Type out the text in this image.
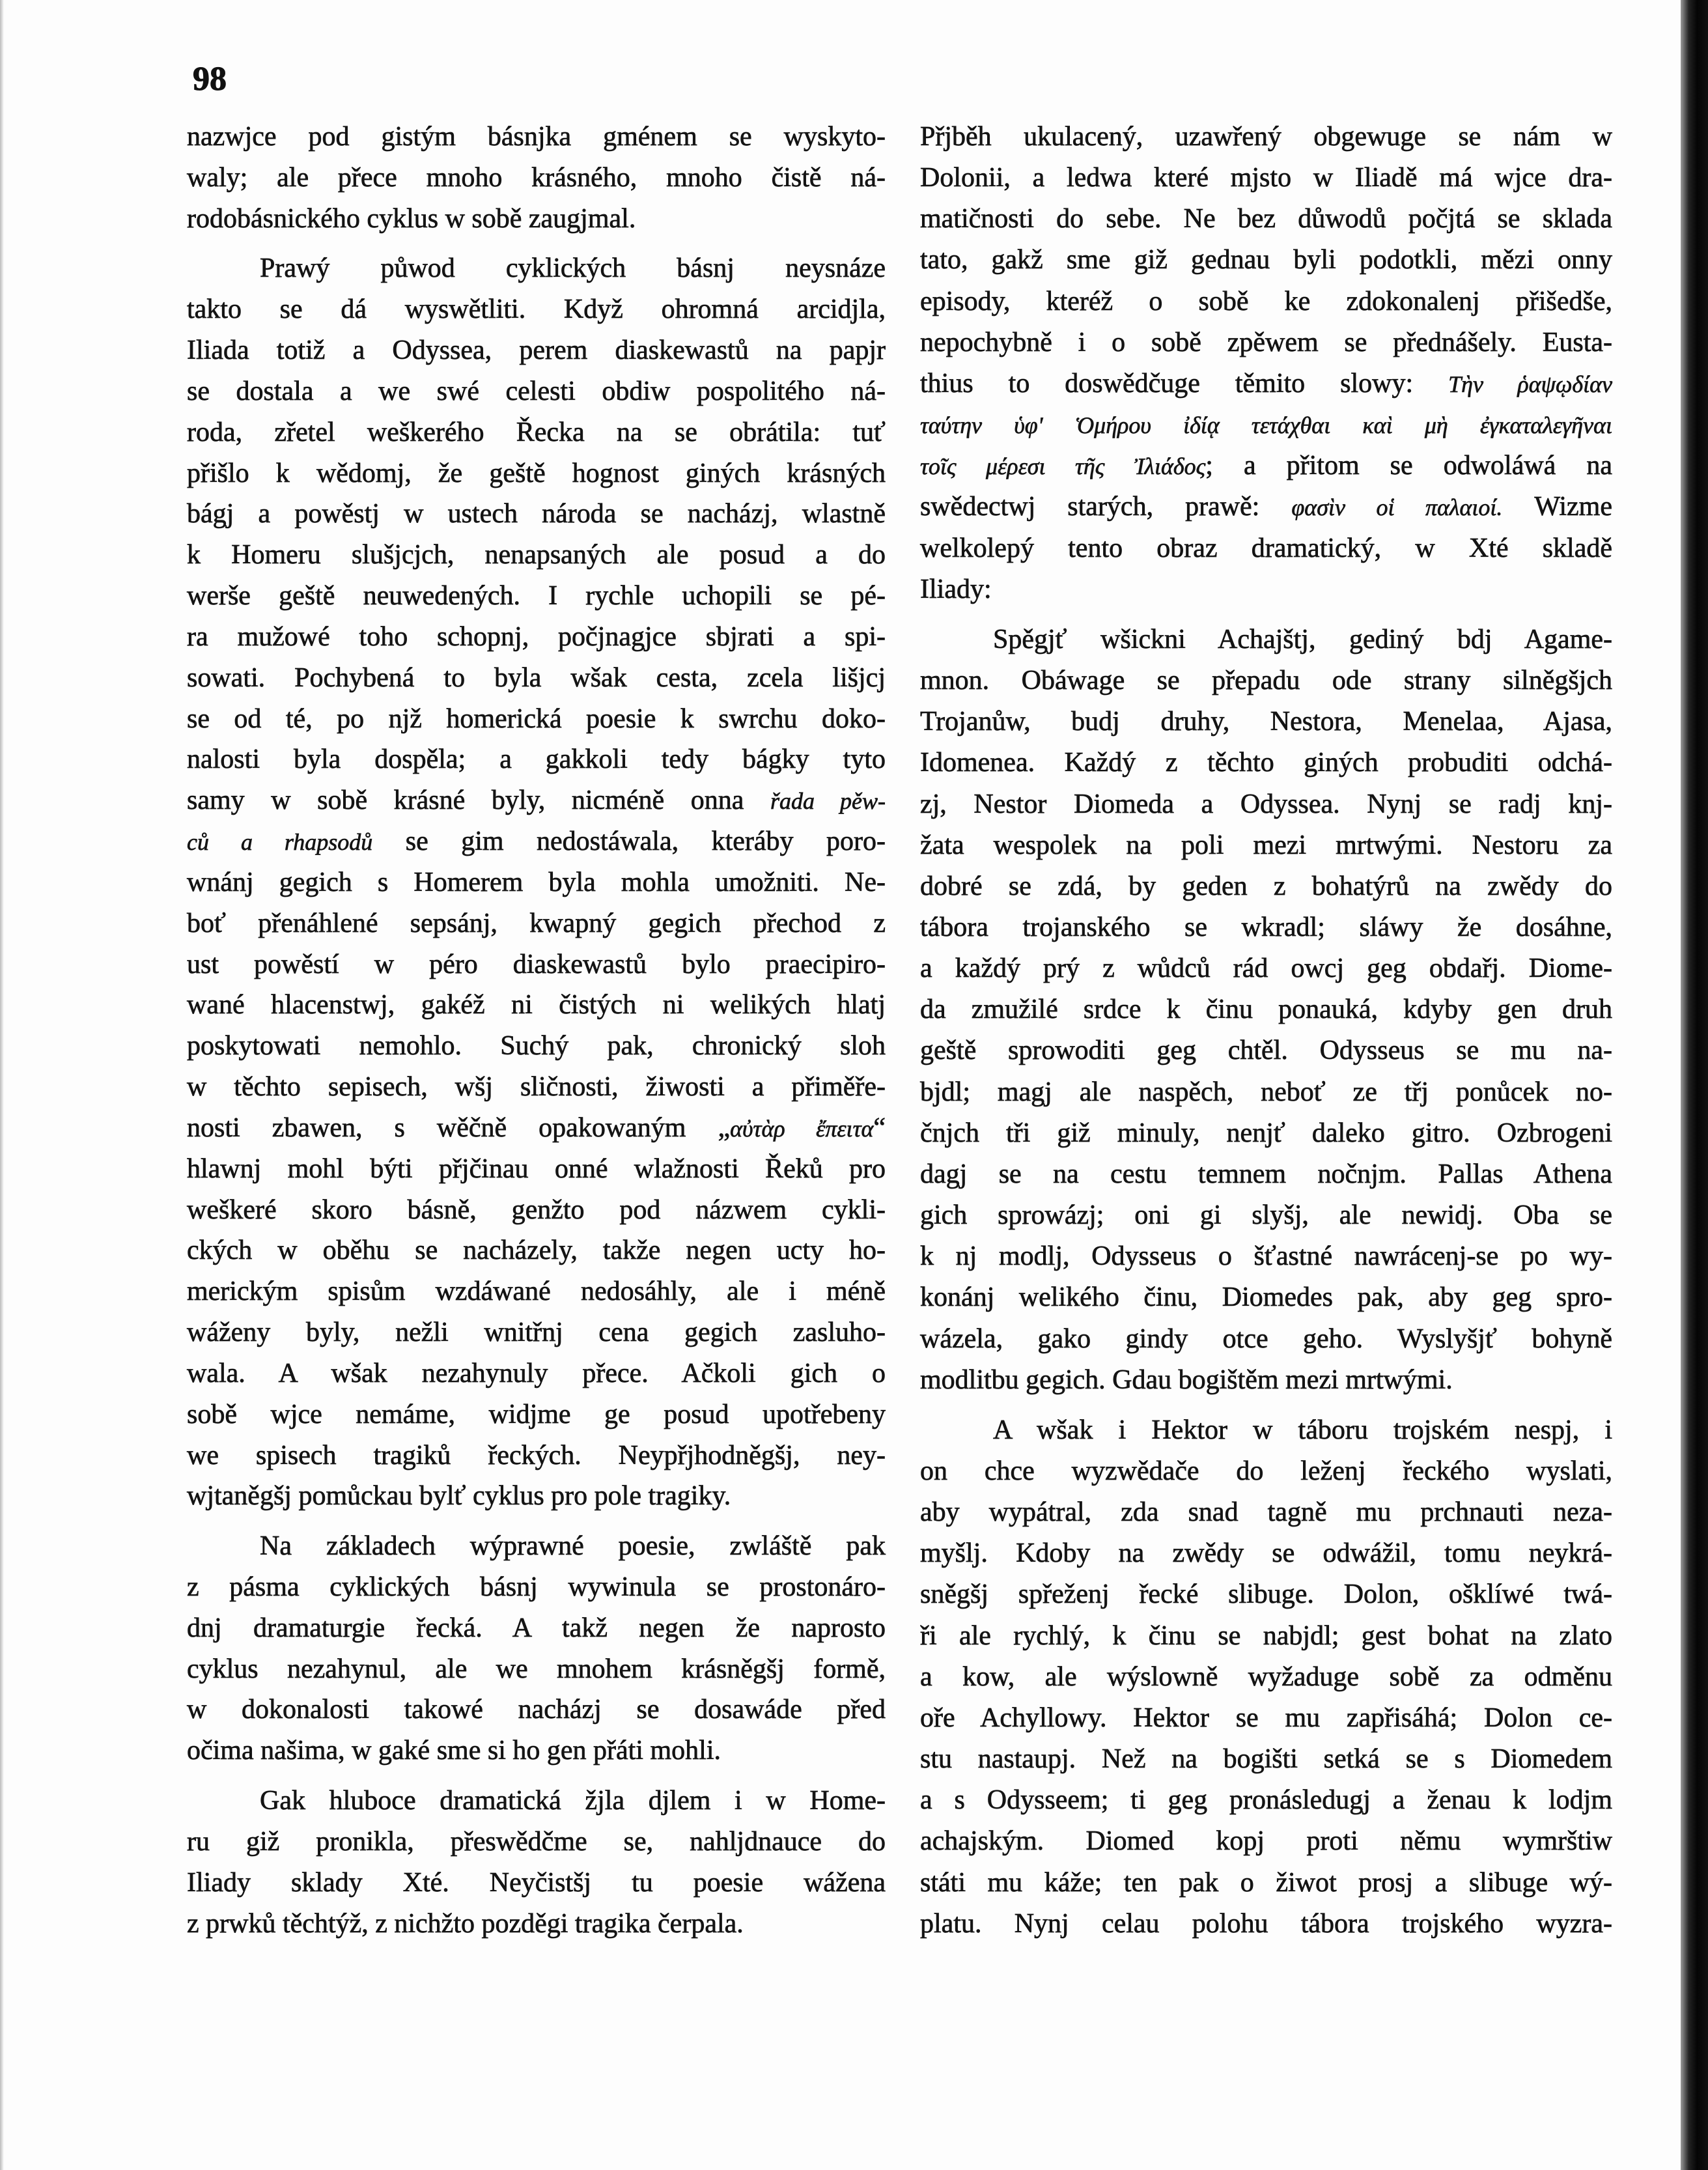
98
nazwjce pod gistým básnjka gménem se wyskyto-
waly; ale přece mnoho krásného, mnoho čistě ná-
rodobásnického cyklus w sobě zaugjmal.
Prawý půwod cyklických básnj neysnáze
takto se dá wyswětliti. Když ohromná arcidjla,
Iliada totiž a Odyssea, perem diaskewastů na papjr
se dostala a we swé celesti obdiw pospolitého ná-
roda, zřetel weškerého Řecka na se obrátila: tuť
přišlo k wědomj, že geště hognost giných krásných
bágj a powěstj w ustech národa se nacházj, wlastně
k Homeru slušjcjch, nenapsaných ale posud a do
werše geště neuwedených. I rychle uchopili se pé-
ra mužowé toho schopnj, počjnagjce sbjrati a spi-
sowati. Pochybená to byla wšak cesta, zcela lišjcj
se od té, po njž homerická poesie k swrchu doko-
nalosti byla dospěla; a gakkoli tedy bágky tyto
samy w sobě krásné byly, nicméně onna řada pěw-
ců a rhapsodů se gim nedostáwala, kteráby poro-
wnánj gegich s Homerem byla mohla umožniti. Ne-
boť přenáhlené sepsánj, kwapný gegich přechod z
ust powěstí w péro diaskewastů bylo praecipiro-
wané hlacenstwj, gakéž ni čistých ni welikých hlatj
poskytowati nemohlo. Suchý pak, chronický sloh
w těchto sepisech, wšj sličnosti, žiwosti a přiměře-
nosti zbawen, s wěčně opakowaným „αὐτὰρ ἔπειτα“
hlawnj mohl býti přjčinau onné wlažnosti Řeků pro
weškeré skoro básně, genžto pod názwem cykli-
ckých w oběhu se nacházely, takže negen ucty ho-
merickým spisům wzdáwané nedosáhly, ale i méně
wáženy byly, nežli wnitřnj cena gegich zasluho-
wala. A wšak nezahynuly přece. Ačkoli gich o
sobě wjce nemáme, widjme ge posud upotřebeny
we spisech tragiků řeckých. Neypřjhodněgšj, ney-
wjtaněgšj pomůckau bylť cyklus pro pole tragiky.
Na základech wýprawné poesie, zwláště pak
z pásma cyklických básnj wywinula se prostonáro-
dnj dramaturgie řecká. A takž negen že naprosto
cyklus nezahynul, ale we mnohem krásněgšj formě,
w dokonalosti takowé nacházj se dosawáde před
očima našima, w gaké sme si ho gen přáti mohli.
Gak hluboce dramatická žjla djlem i w Home-
ru giž pronikla, přeswědčme se, nahljdnauce do
Iliady sklady Xté. Neyčistšj tu poesie wážena
z prwků těchtýž, z nichžto pozděgi tragika čerpala.
Přjběh ukulacený, uzawřený obgewuge se nám w
Dolonii, a ledwa které mjsto w Iliadě má wjce dra-
matičnosti do sebe. Ne bez důwodů počjtá se sklada
tato, gakž sme giž gednau byli podotkli, mězi onny
episody, kteréž o sobě ke zdokonalenj přišedše,
nepochybně i o sobě zpěwem se přednášely. Eusta-
thius to doswědčuge těmito slowy: Τὴν ῥαψῳδίαν
ταύτην ὑφ' Ὁμήρου ἰδίᾳ τετάχθαι καὶ μὴ ἐγκαταλεγῆναι
τοῖς μέρεσι τῆς Ἰλιάδος; a přitom se odwoláwá na
swědectwj starých, prawě: φασὶν οἱ παλαιοί. Wizme
welkolepý tento obraz dramatický, w Xté skladě
Iliady:
Spěgjť wšickni Achajštj, gediný bdj Agame-
mnon. Obáwage se přepadu ode strany silněgšjch
Trojanůw, budj druhy, Nestora, Menelaa, Ajasa,
Idomenea. Každý z těchto giných probuditi odchá-
zj, Nestor Diomeda a Odyssea. Nynj se radj knj-
žata wespolek na poli mezi mrtwými. Nestoru za
dobré se zdá, by geden z bohatýrů na zwědy do
tábora trojanského se wkradl; sláwy že dosáhne,
a každý prý z wůdců rád owcj geg obdařj. Diome-
da zmužilé srdce k činu ponauká, kdyby gen druh
geště sprowoditi geg chtěl. Odysseus se mu na-
bjdl; magj ale naspěch, neboť ze třj ponůcek no-
čnjch tři giž minuly, nenjť daleko gitro. Ozbrogeni
dagj se na cestu temnem nočnjm. Pallas Athena
gich sprowázj; oni gi slyšj, ale newidj. Oba se
k nj modlj, Odysseus o šťastné nawrácenj-se po wy-
konánj welikého činu, Diomedes pak, aby geg spro-
wázela, gako gindy otce geho. Wyslyšjť bohyně
modlitbu gegich. Gdau bogištěm mezi mrtwými.
A wšak i Hektor w táboru trojském nespj, i
on chce wyzwědače do leženj řeckého wyslati,
aby wypátral, zda snad tagně mu prchnauti neza-
myšlj. Kdoby na zwědy se odwážil, tomu neykrá-
sněgšj spřeženj řecké slibuge. Dolon, ošklíwé twá-
ři ale rychlý, k činu se nabjdl; gest bohat na zlato
a kow, ale wýslowně wyžaduge sobě za odměnu
oře Achyllowy. Hektor se mu zapřisáhá; Dolon ce-
stu nastaupj. Než na bogišti setká se s Diomedem
a s Odysseem; ti geg pronásledugj a ženau k lodjm
achajským. Diomed kopj proti němu wymrštiw
státi mu káže; ten pak o žiwot prosj a slibuge wý-
platu. Nynj celau polohu tábora trojského wyzra-
